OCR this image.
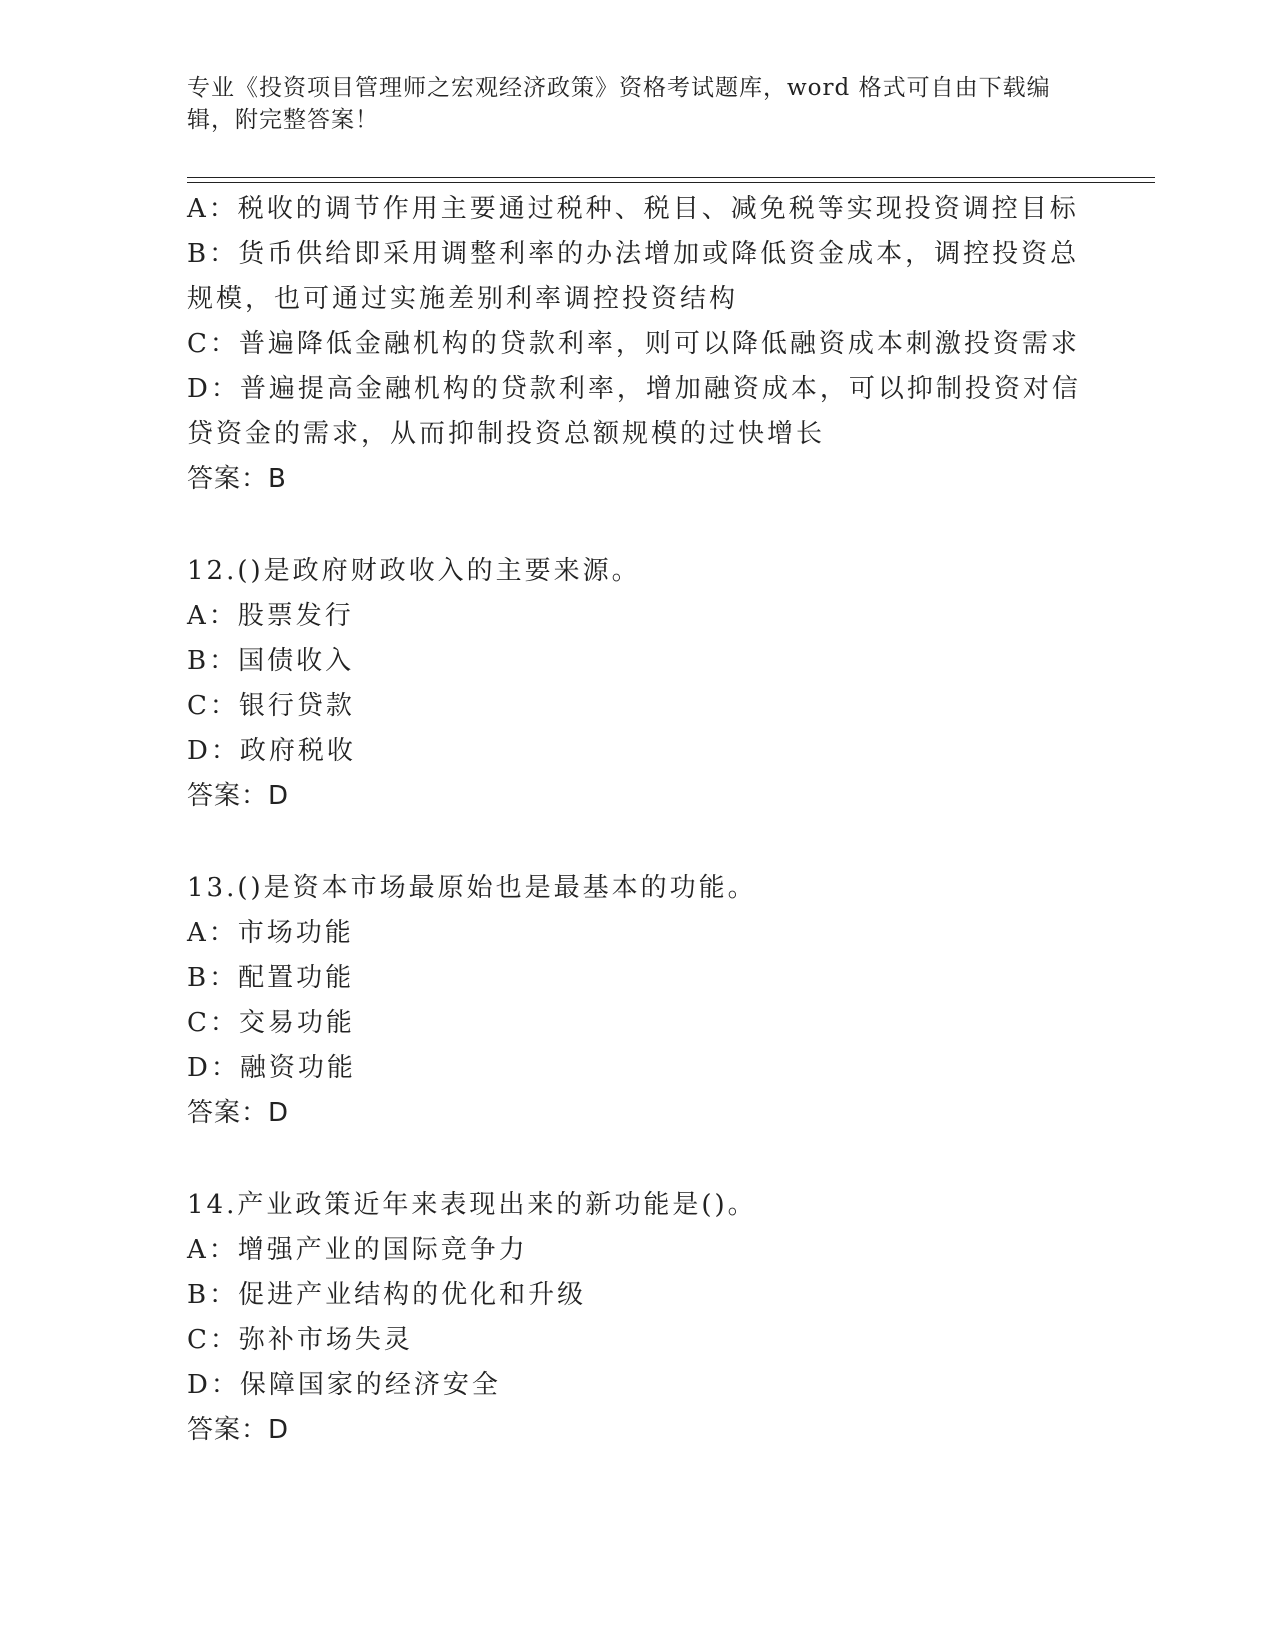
专业《投资项目管理师之宏观经济政策》资格考试题库，word 格式可自由下载编辑，附完整答案！
A：税收的调节作用主要通过税种、税目、减免税等实现投资调控目标
B：货币供给即采用调整利率的办法增加或降低资金成本，调控投资总规模，也可通过实施差别利率调控投资结构
C：普遍降低金融机构的贷款利率，则可以降低融资成本刺激投资需求
D：普遍提高金融机构的贷款利率，增加融资成本，可以抑制投资对信贷资金的需求，从而抑制投资总额规模的过快增长
答案：B
12.()是政府财政收入的主要来源。
A：股票发行
B：国债收入
C：银行贷款
D：政府税收
答案：D
13.()是资本市场最原始也是最基本的功能。
A：市场功能
B：配置功能
C：交易功能
D：融资功能
答案：D
14.产业政策近年来表现出来的新功能是()。
A：增强产业的国际竞争力
B：促进产业结构的优化和升级
C：弥补市场失灵
D：保障国家的经济安全
答案：D
